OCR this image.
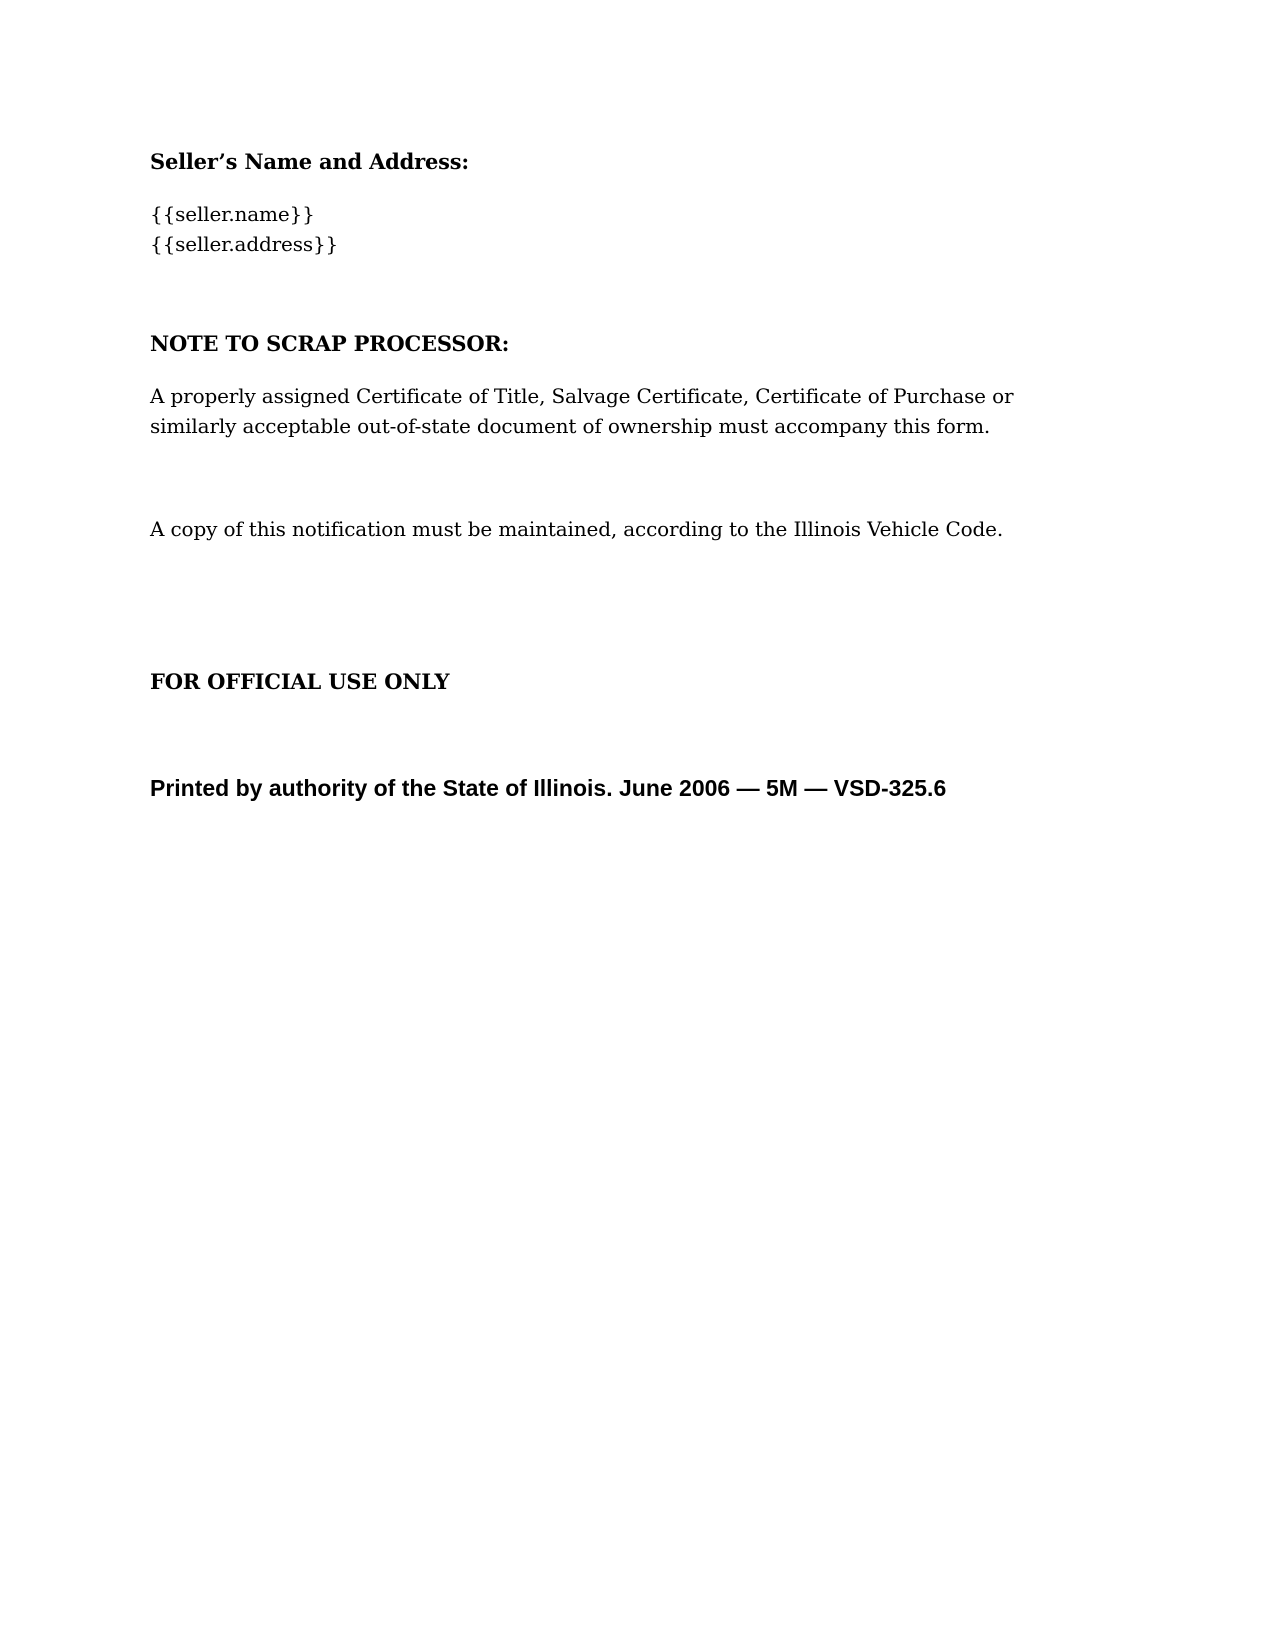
Seller’s Name and Address:
{{seller.name}}
{{seller.address}}
NOTE TO SCRAP PROCESSOR:
A properly assigned Certificate of Title, Salvage Certificate, Certificate of Purchase or similarly acceptable out-of-state document of ownership must accompany this form.
A copy of this notification must be maintained, according to the Illinois Vehicle Code.
FOR OFFICIAL USE ONLY
Printed by authority of the State of Illinois. June 2006 — 5M — VSD-325.6
